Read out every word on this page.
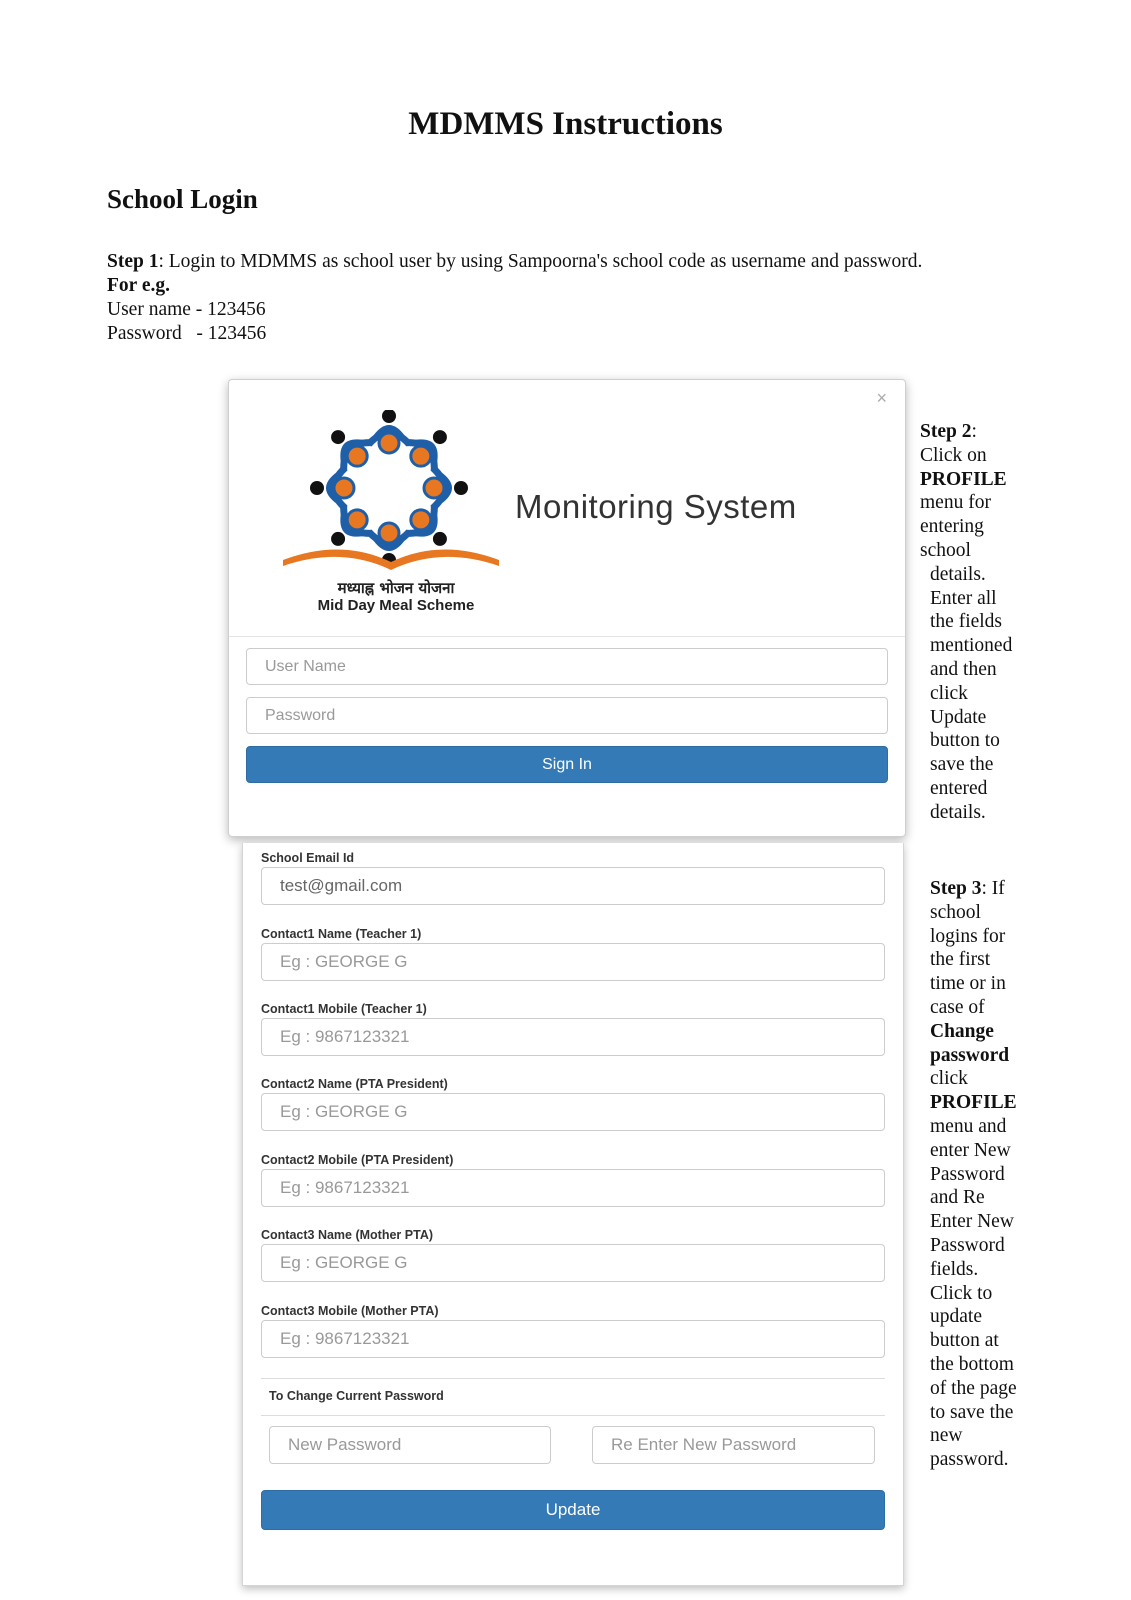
MDMMS Instructions
School Login

Step 1: Login to MDMMS as school user by using Sampoorna's school code as username and password.

For e.g.

User name - 123456

Password   - 123456

×
मध्याह्न भोजन योजना
Mid Day Meal Scheme
Monitoring System
User Name
Password
Sign In
School Email Id
test@gmail.com
Contact1 Name (Teacher 1)
Eg : GEORGE G
Contact1 Mobile (Teacher 1)
Eg : 9867123321
Contact2 Name (PTA President)
Eg : GEORGE G
Contact2 Mobile (PTA President)
Eg : 9867123321
Contact3 Name (Mother PTA)
Eg : GEORGE G
Contact3 Mobile (Mother PTA)
Eg : 9867123321
To Change Current Password
New Password	Re Enter New Password
Update
Step 2:
Click on
PROFILE
menu for
entering
school
details.
Enter all
the fields
mentioned
and then
click
Update
button to
save the
entered
details.
Step 3: If
school
logins for
the first
time or in
case of
Change
password
click
PROFILE
menu and
enter New
Password
and Re
Enter New
Password
fields.
Click to
update
button at
the bottom
of the page
to save the
new
password.
